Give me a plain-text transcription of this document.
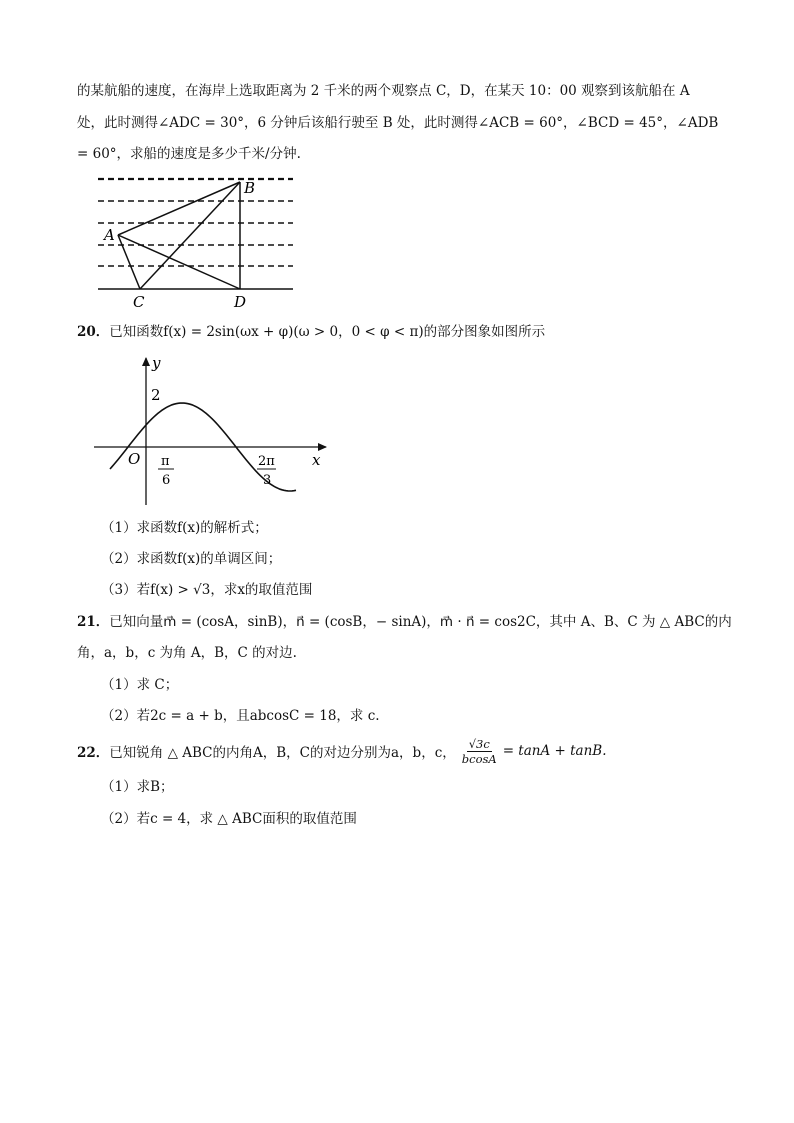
的某航船的速度，在海岸上选取距离为 2 千米的两个观察点 C，D，在某天 10：00 观察到该航船在 A
处，此时测得∠ADC = 30°，6 分钟后该船行驶至 B 处，此时测得∠ACB = 60°，∠BCD = 45°，∠ADB
= 60°，求船的速度是多少千米/分钟.
A
B
C	D
20．已知函数f(x) = 2sin(ωx + φ)(ω > 0，0 < φ < π)的部分图象如图所示
y
x
O
2
π
6
2π
3
（1）求函数f(x)的解析式；
（2）求函数f(x)的单调区间；
（3）若f(x) > √3，求x的取值范围
21．已知向量m⃗ = (cosA，sinB)，n⃗ = (cosB，− sinA)，m⃗ · n⃗ = cos2C，其中 A、B、C 为 △ ABC的内
角，a，b，c 为角 A，B，C 的对边.
（1）求 C；
（2）若2c = a + b，且abcosC = 18，求 c.
22． 已知锐角 △ ABC的内角A，B，C的对边分别为a，b，c， $\frac{√3c}{bcosA} = \tan A + \tan B$.
（1）求B；
（2）若c = 4，求 △ ABC面积的取值范围
